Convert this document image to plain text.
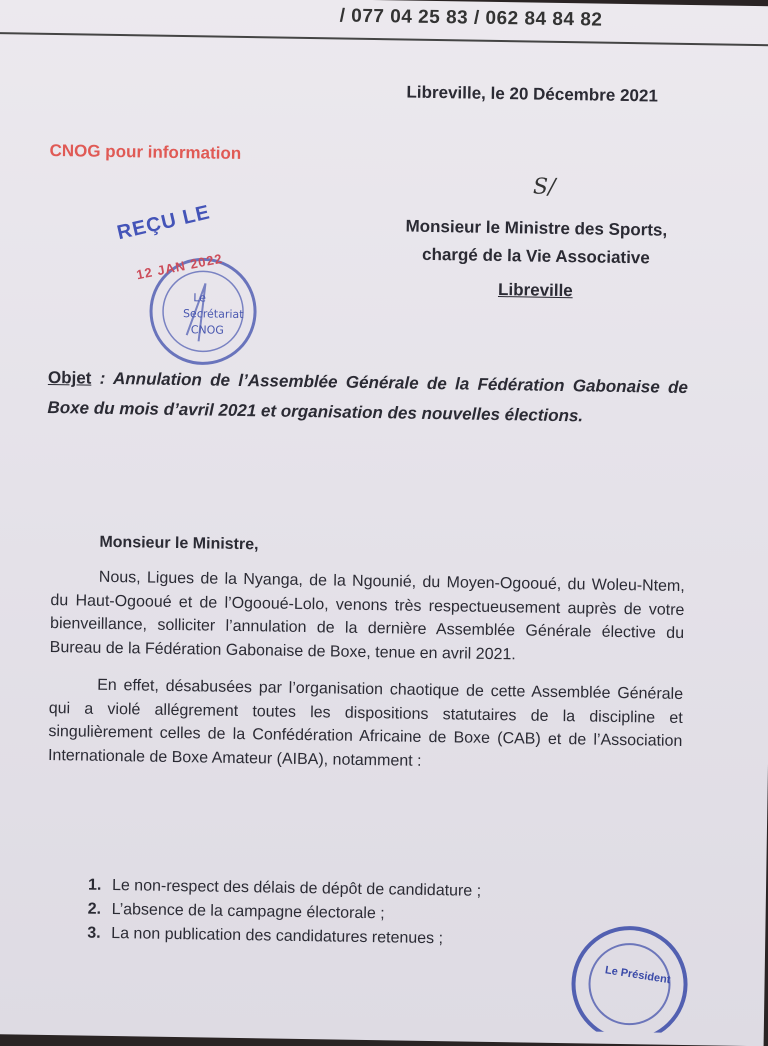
/ 077 04 25 83 / 062 84 84 82
Libreville, le 20 Décembre 2021
CNOG pour information
S/
Monsieur le Ministre des Sports,
chargé de la Vie Associative
Libreville
REÇU LE
Le
Secrétariat
CNOG
12 JAN 2022
Objet : Annulation de l’Assemblée Générale de la Fédération Gabonaise de Boxe du mois d’avril 2021 et organisation des nouvelles élections.
Monsieur le Ministre,

Nous, Ligues de la Nyanga, de la Ngounié, du Moyen-Ogooué, du Woleu-Ntem, du Haut-Ogooué et de l’Ogooué-Lolo, venons très respectueusement auprès de votre bienveillance, solliciter l’annulation de la dernière Assemblée Générale élective du Bureau de la Fédération Gabonaise de Boxe, tenue en avril 2021.

En effet, désabusées par l’organisation chaotique de cette Assemblée Générale qui a violé allégrement toutes les dispositions statutaires de la discipline et singulièrement celles de la Confédération Africaine de Boxe (CAB) et de l’Association Internationale de Boxe Amateur (AIBA), notamment :

1. Le non-respect des délais de dépôt de candidature ;
2. L’absence de la campagne électorale ;
3. La non publication des candidatures retenues ;
Le Président
